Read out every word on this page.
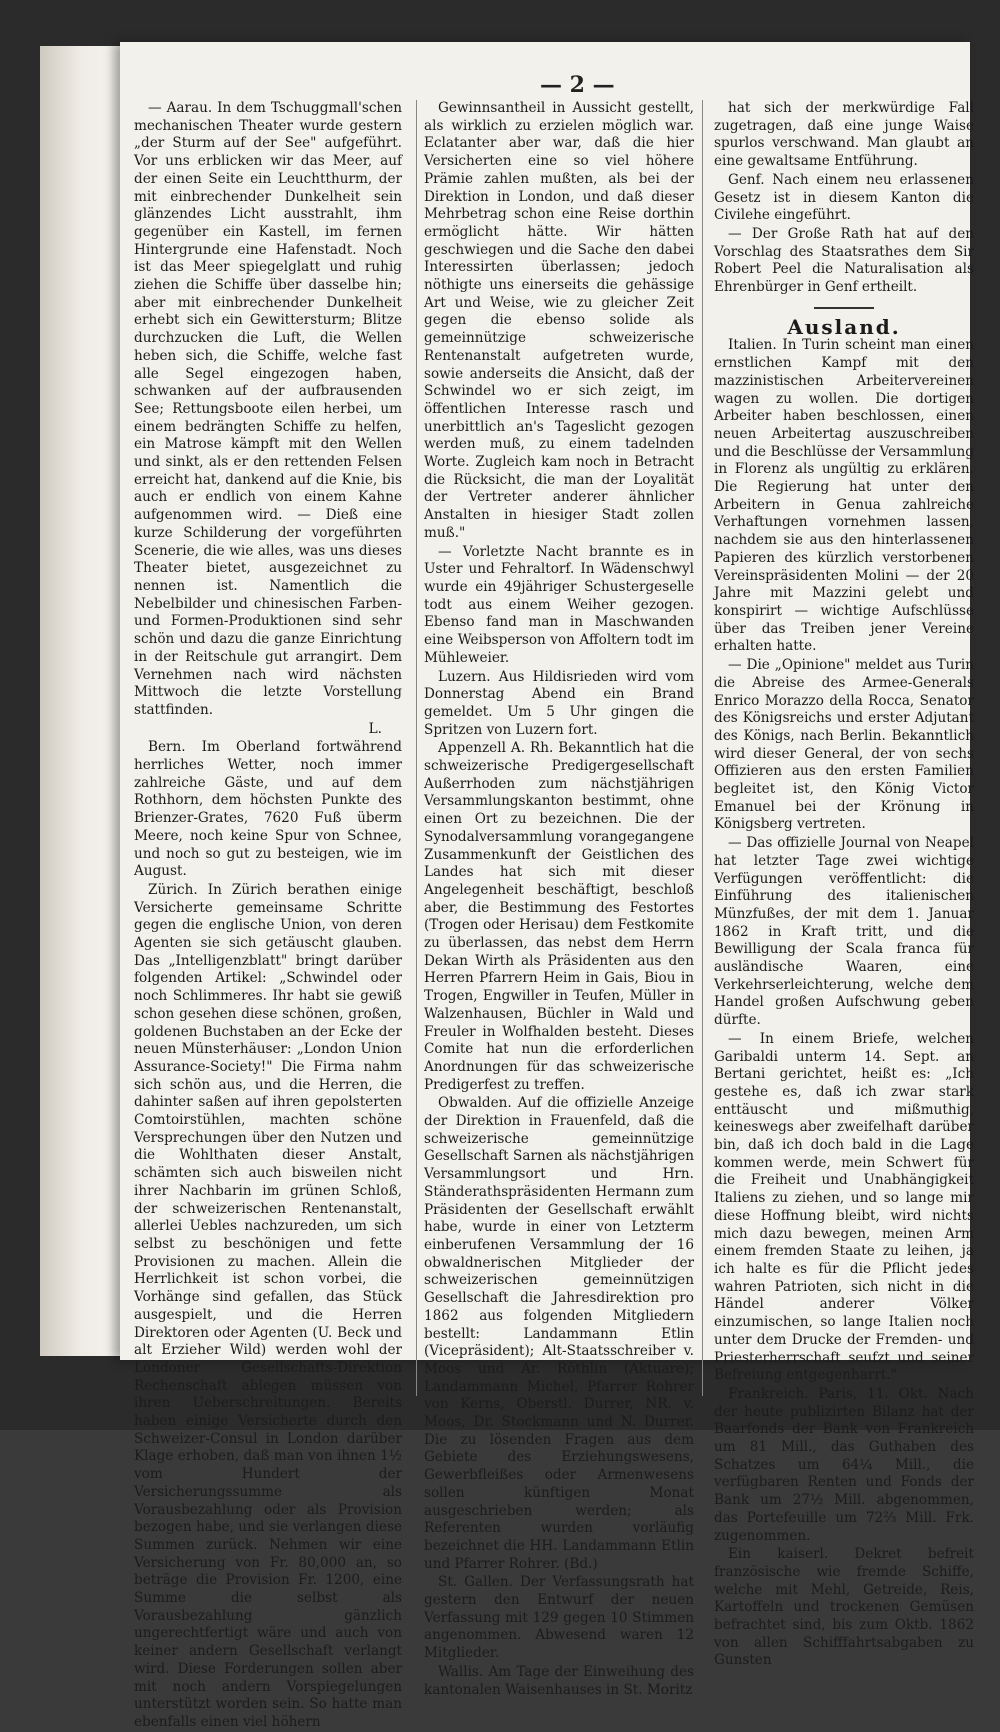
— 2 —

— Aarau. In dem Tschuggmall'schen mechanischen Theater wurde gestern „der Sturm auf der See" aufgeführt. Vor uns erblicken wir das Meer, auf der einen Seite ein Leuchtthurm, der mit einbrechender Dunkelheit sein glänzendes Licht ausstrahlt, ihm gegenüber ein Kastell, im fernen Hintergrunde eine Hafenstadt. Noch ist das Meer spiegelglatt und ruhig ziehen die Schiffe über dasselbe hin; aber mit einbrechender Dunkelheit erhebt sich ein Gewittersturm; Blitze durchzucken die Luft, die Wellen heben sich, die Schiffe, welche fast alle Segel eingezogen haben, schwanken auf der aufbrausenden See; Rettungsboote eilen herbei, um einem bedrängten Schiffe zu helfen, ein Matrose kämpft mit den Wellen und sinkt, als er den rettenden Felsen erreicht hat, dankend auf die Knie, bis auch er endlich von einem Kahne aufgenommen wird. — Dieß eine kurze Schilderung der vorgeführten Scenerie, die wie alles, was uns dieses Theater bietet, ausgezeichnet zu nennen ist. Namentlich die Nebelbilder und chinesischen Farben- und Formen-Produktionen sind sehr schön und dazu die ganze Einrichtung in der Reitschule gut arrangirt. Dem Vernehmen nach wird nächsten Mittwoch die letzte Vorstellung stattfinden.

L.

Bern. Im Oberland fortwährend herrliches Wetter, noch immer zahlreiche Gäste, und auf dem Rothhorn, dem höchsten Punkte des Brienzer-Grates, 7620 Fuß überm Meere, noch keine Spur von Schnee, und noch so gut zu besteigen, wie im August.

Zürich. In Zürich berathen einige Versicherte gemeinsame Schritte gegen die englische Union, von deren Agenten sie sich getäuscht glauben. Das „Intelligenzblatt" bringt darüber folgenden Artikel: „Schwindel oder noch Schlimmeres. Ihr habt sie gewiß schon gesehen diese schönen, großen, goldenen Buchstaben an der Ecke der neuen Münsterhäuser: „London Union Assurance-Society!" Die Firma nahm sich schön aus, und die Herren, die dahinter saßen auf ihren gepolsterten Comtoirstühlen, machten schöne Versprechungen über den Nutzen und die Wohlthaten dieser Anstalt, schämten sich auch bisweilen nicht ihrer Nachbarin im grünen Schloß, der schweizerischen Rentenanstalt, allerlei Uebles nachzureden, um sich selbst zu beschönigen und fette Provisionen zu machen. Allein die Herrlichkeit ist schon vorbei, die Vorhänge sind gefallen, das Stück ausgespielt, und die Herren Direktoren oder Agenten (U. Beck und alt Erzieher Wild) werden wohl der Londoner Gesellschafts-Direktion Rechenschaft ablegen müssen von ihren Ueberschreitungen. Bereits haben einige Versicherte durch den Schweizer-Consul in London darüber Klage erhoben, daß man von ihnen 1½ vom Hundert der Versicherungssumme als Vorausbezahlung oder als Provision bezogen habe, und sie verlangen diese Summen zurück. Nehmen wir eine Versicherung von Fr. 80,000 an, so beträge die Provision Fr. 1200, eine Summe die selbst als Vorausbezahlung gänzlich ungerechtfertigt wäre und auch von keiner andern Gesellschaft verlangt wird. Diese Forderungen sollen aber mit noch andern Vorspiegelungen unterstützt worden sein. So hatte man ebenfalls einen viel höhern

Gewinnsantheil in Aussicht gestellt, als wirklich zu erzielen möglich war. Eclatanter aber war, daß die hier Versicherten eine so viel höhere Prämie zahlen mußten, als bei der Direktion in London, und daß dieser Mehrbetrag schon eine Reise dorthin ermöglicht hätte. Wir hätten geschwiegen und die Sache den dabei Interessirten überlassen; jedoch nöthigte uns einerseits die gehässige Art und Weise, wie zu gleicher Zeit gegen die ebenso solide als gemeinnützige schweizerische Rentenanstalt aufgetreten wurde, sowie anderseits die Ansicht, daß der Schwindel wo er sich zeigt, im öffentlichen Interesse rasch und unerbittlich an's Tageslicht gezogen werden muß, zu einem tadelnden Worte. Zugleich kam noch in Betracht die Rücksicht, die man der Loyalität der Vertreter anderer ähnlicher Anstalten in hiesiger Stadt zollen muß."

— Vorletzte Nacht brannte es in Uster und Fehraltorf. In Wädenschwyl wurde ein 49jähriger Schustergeselle todt aus einem Weiher gezogen. Ebenso fand man in Maschwanden eine Weibsperson von Affoltern todt im Mühleweier.

Luzern. Aus Hildisrieden wird vom Donnerstag Abend ein Brand gemeldet. Um 5 Uhr gingen die Spritzen von Luzern fort.

Appenzell A. Rh. Bekanntlich hat die schweizerische Predigergesellschaft Außerrhoden zum nächstjährigen Versammlungskanton bestimmt, ohne einen Ort zu bezeichnen. Die der Synodalversammlung vorangegangene Zusammenkunft der Geistlichen des Landes hat sich mit dieser Angelegenheit beschäftigt, beschloß aber, die Bestimmung des Festortes (Trogen oder Herisau) dem Festkomite zu überlassen, das nebst dem Herrn Dekan Wirth als Präsidenten aus den Herren Pfarrern Heim in Gais, Biou in Trogen, Engwiller in Teufen, Müller in Walzenhausen, Büchler in Wald und Freuler in Wolfhalden besteht. Dieses Comite hat nun die erforderlichen Anordnungen für das schweizerische Predigerfest zu treffen.

Obwalden. Auf die offizielle Anzeige der Direktion in Frauenfeld, daß die schweizerische gemeinnützige Gesellschaft Sarnen als nächstjährigen Versammlungsort und Hrn. Ständerathspräsidenten Hermann zum Präsidenten der Gesellschaft erwählt habe, wurde in einer von Letzterm einberufenen Versammlung der 16 obwaldnerischen Mitglieder der schweizerischen gemeinnützigen Gesellschaft die Jahresdirektion pro 1862 aus folgenden Mitgliedern bestellt: Landammann Etlin (Vicepräsident); Alt-Staatsschreiber v. Moos und Ar. Röthlin (Aktuare); Landammann Michel, Pfarrer Rohrer von Kerns, Oberstl. Durrer, NR. v. Moos, Dr. Stockmann und N. Durrer. Die zu lösenden Fragen aus dem Gebiete des Erziehungswesens, Gewerbfleißes oder Armenwesens sollen künftigen Monat ausgeschrieben werden; als Referenten wurden vorläufig bezeichnet die HH. Landammann Etlin und Pfarrer Rohrer. (Bd.)

St. Gallen. Der Verfassungsrath hat gestern den Entwurf der neuen Verfassung mit 129 gegen 10 Stimmen angenommen. Abwesend waren 12 Mitglieder.

Wallis. Am Tage der Einweihung des kantonalen Waisenhauses in St. Moritz

hat sich der merkwürdige Fall zugetragen, daß eine junge Waise spurlos verschwand. Man glaubt an eine gewaltsame Entführung.

Genf. Nach einem neu erlassenen Gesetz ist in diesem Kanton die Civilehe eingeführt.

— Der Große Rath hat auf den Vorschlag des Staatsrathes dem Sir Robert Peel die Naturalisation als Ehrenbürger in Genf ertheilt.

Ausland.

Italien. In Turin scheint man einen ernstlichen Kampf mit den mazzinistischen Arbeitervereinen wagen zu wollen. Die dortigen Arbeiter haben beschlossen, einen neuen Arbeitertag auszuschreiben und die Beschlüsse der Versammlung in Florenz als ungültig zu erklären. Die Regierung hat unter den Arbeitern in Genua zahlreiche Verhaftungen vornehmen lassen, nachdem sie aus den hinterlassenen Papieren des kürzlich verstorbenen Vereinspräsidenten Molini — der 20 Jahre mit Mazzini gelebt und konspirirt — wichtige Aufschlüsse über das Treiben jener Vereine erhalten hatte.

— Die „Opinione" meldet aus Turin die Abreise des Armee-Generals Enrico Morazzo della Rocca, Senator des Königsreichs und erster Adjutant des Königs, nach Berlin. Bekanntlich wird dieser General, der von sechs Offizieren aus den ersten Familien begleitet ist, den König Victor Emanuel bei der Krönung in Königsberg vertreten.

— Das offizielle Journal von Neapel hat letzter Tage zwei wichtige Verfügungen veröffentlicht: die Einführung des italienischen Münzfußes, der mit dem 1. Januar 1862 in Kraft tritt, und die Bewilligung der Scala franca für ausländische Waaren, eine Verkehrserleichterung, welche dem Handel großen Aufschwung geben dürfte.

— In einem Briefe, welchen Garibaldi unterm 14. Sept. an Bertani gerichtet, heißt es: „Ich gestehe es, daß ich zwar stark enttäuscht und mißmuthig, keineswegs aber zweifelhaft darüber bin, daß ich doch bald in die Lage kommen werde, mein Schwert für die Freiheit und Unabhängigkeit Italiens zu ziehen, und so lange mir diese Hoffnung bleibt, wird nichts mich dazu bewegen, meinen Arm einem fremden Staate zu leihen, ja ich halte es für die Pflicht jedes wahren Patrioten, sich nicht in die Händel anderer Völker einzumischen, so lange Italien noch unter dem Drucke der Fremden- und Priesterherrschaft seufzt und seiner Befreiung entgegenharrt."

Frankreich. Paris, 11. Okt. Nach der heute publizirten Bilanz hat der Baarfonds der Bank von Frankreich um 81 Mill., das Guthaben des Schatzes um 64¼ Mill., die verfügbaren Renten und Fonds der Bank um 27½ Mill. abgenommen, das Portefeuille um 72⅔ Mill. Frk. zugenommen.

Ein kaiserl. Dekret befreit französische wie fremde Schiffe, welche mit Mehl, Getreide, Reis, Kartoffeln und trockenen Gemüsen befrachtet sind, bis zum Oktb. 1862 von allen Schifffahrtsabgaben zu Gunsten
